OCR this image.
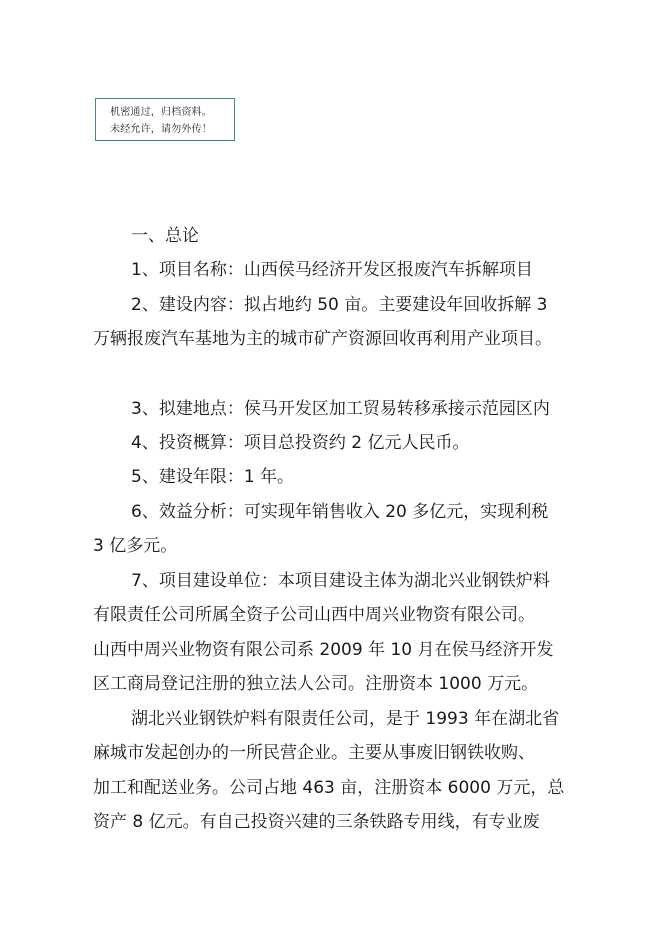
机密通过，归档资料。
未经允许，请勿外传！
一、总论
1、项目名称：山西侯马经济开发区报废汽车拆解项目
2、建设内容：拟占地约 50 亩。主要建设年回收拆解 3
万辆报废汽车基地为主的城市矿产资源回收再利用产业项目。
3、拟建地点：侯马开发区加工贸易转移承接示范园区内
4、投资概算：项目总投资约 2 亿元人民币。
5、建设年限：1 年。
6、效益分析：可实现年销售收入 20 多亿元，实现利税
3 亿多元。
7、项目建设单位：本项目建设主体为湖北兴业钢铁炉料
有限责任公司所属全资子公司山西中周兴业物资有限公司。
山西中周兴业物资有限公司系 2009 年 10 月在侯马经济开发
区工商局登记注册的独立法人公司。注册资本 1000 万元。
湖北兴业钢铁炉料有限责任公司，是于 1993 年在湖北省
麻城市发起创办的一所民营企业。主要从事废旧钢铁收购、
加工和配送业务。公司占地 463 亩，注册资本 6000 万元，总
资产 8 亿元。有自己投资兴建的三条铁路专用线，有专业废
